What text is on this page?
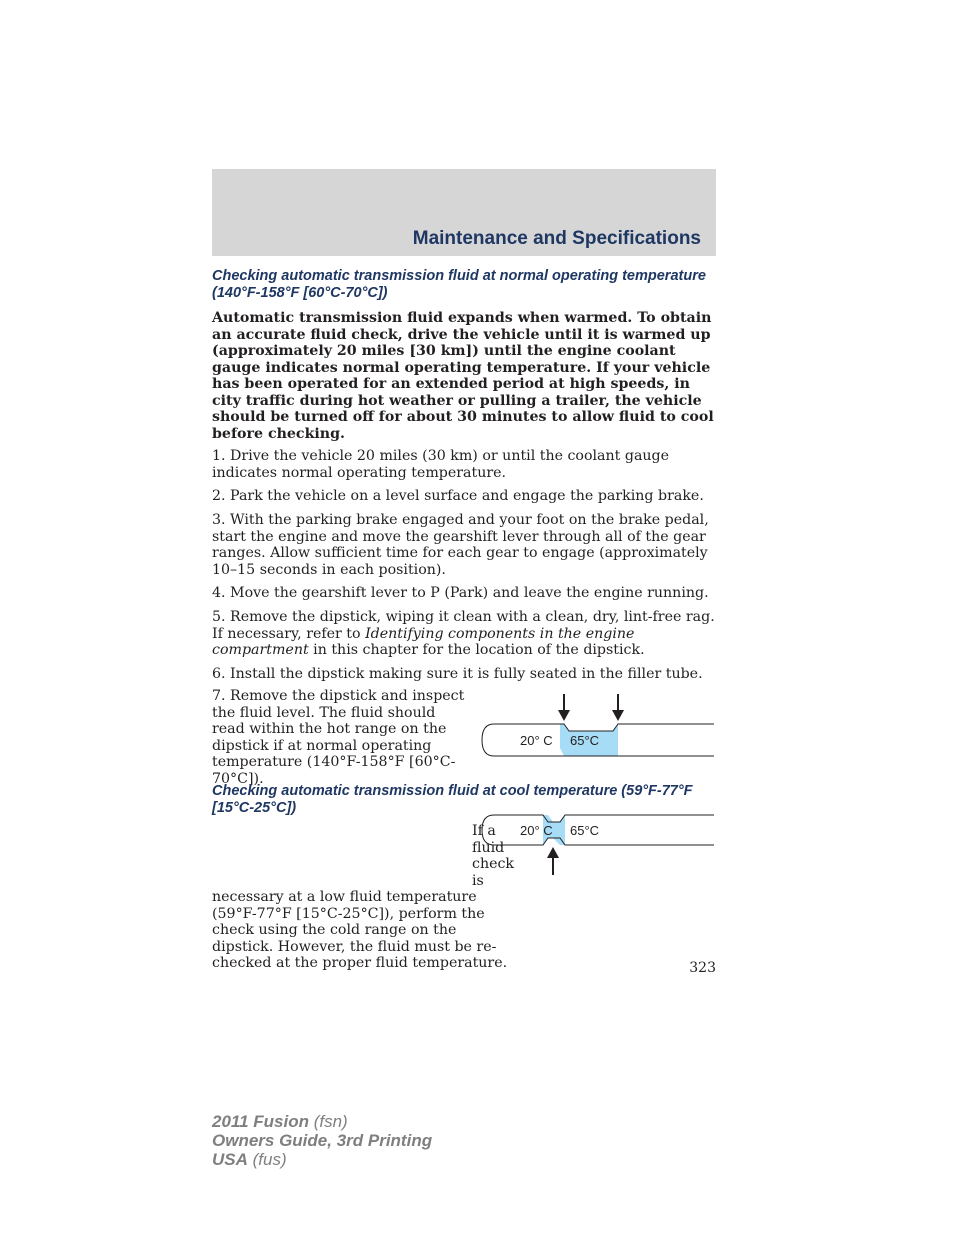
Maintenance and Specifications
Checking automatic transmission fluid at normal operating temperature (140°F-158°F [60°C-70°C])

Automatic transmission fluid expands when warmed. To obtain an accurate fluid check, drive the vehicle until it is warmed up (approximately 20 miles [30 km]) until the engine coolant gauge indicates normal operating temperature. If your vehicle has been operated for an extended period at high speeds, in city traffic during hot weather or pulling a trailer, the vehicle should be turned off for about 30 minutes to allow fluid to cool before checking.

1. Drive the vehicle 20 miles (30 km) or until the coolant gauge indicates normal operating temperature.

2. Park the vehicle on a level surface and engage the parking brake.

3. With the parking brake engaged and your foot on the brake pedal, start the engine and move the gearshift lever through all of the gear ranges. Allow sufficient time for each gear to engage (approximately 10–15 seconds in each position).

4. Move the gearshift lever to P (Park) and leave the engine running.

5. Remove the dipstick, wiping it clean with a clean, dry, lint-free rag. If necessary, refer to Identifying components in the engine compartment in this chapter for the location of the dipstick.

6. Install the dipstick making sure it is fully seated in the filler tube.

7. Remove the dipstick and inspect the fluid level. The fluid should read within the hot range on the dipstick if at normal operating temperature (140°F-158°F [60°C-70°C]).

20° C 65°C
Checking automatic transmission fluid at cool temperature (59°F-77°F [15°C-25°C])

If a fluid check is necessary at a low fluid temperature (59°F-77°F [15°C-25°C]), perform the check using the cold range on the dipstick. However, the fluid must be re-checked at the proper fluid temperature.

20° C 65°C
323
2011 Fusion (fsn)
Owners Guide, 3rd Printing
USA (fus)
